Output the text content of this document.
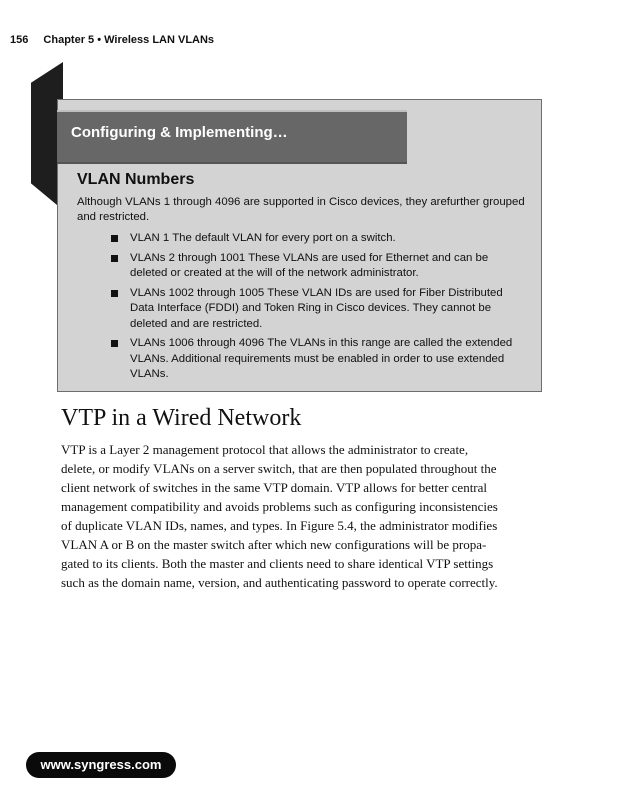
156 Chapter 5 • Wireless LAN VLANs
Configuring & Implementing…
VLAN Numbers
Although VLANs 1 through 4096 are supported in Cisco devices, they arefurther grouped and restricted.
VLAN 1 The default VLAN for every port on a switch.
VLANs 2 through 1001 These VLANs are used for Ethernet and can be deleted or created at the will of the network administrator.
VLANs 1002 through 1005 These VLAN IDs are used for Fiber Distributed Data Interface (FDDI) and Token Ring in Cisco devices. They cannot be deleted and are restricted.
VLANs 1006 through 4096 The VLANs in this range are called the extended VLANs. Additional requirements must be enabled in order to use extended VLANs.
VTP in a Wired Network

VTP is a Layer 2 management protocol that allows the administrator to create,
delete, or modify VLANs on a server switch, that are then populated throughout the
client network of switches in the same VTP domain. VTP allows for better central
management compatibility and avoids problems such as configuring inconsistencies
of duplicate VLAN IDs, names, and types. In Figure 5.4, the administrator modifies
VLAN A or B on the master switch after which new configurations will be propa-
gated to its clients. Both the master and clients need to share identical VTP settings
such as the domain name, version, and authenticating password to operate correctly.

www.syngress.com
